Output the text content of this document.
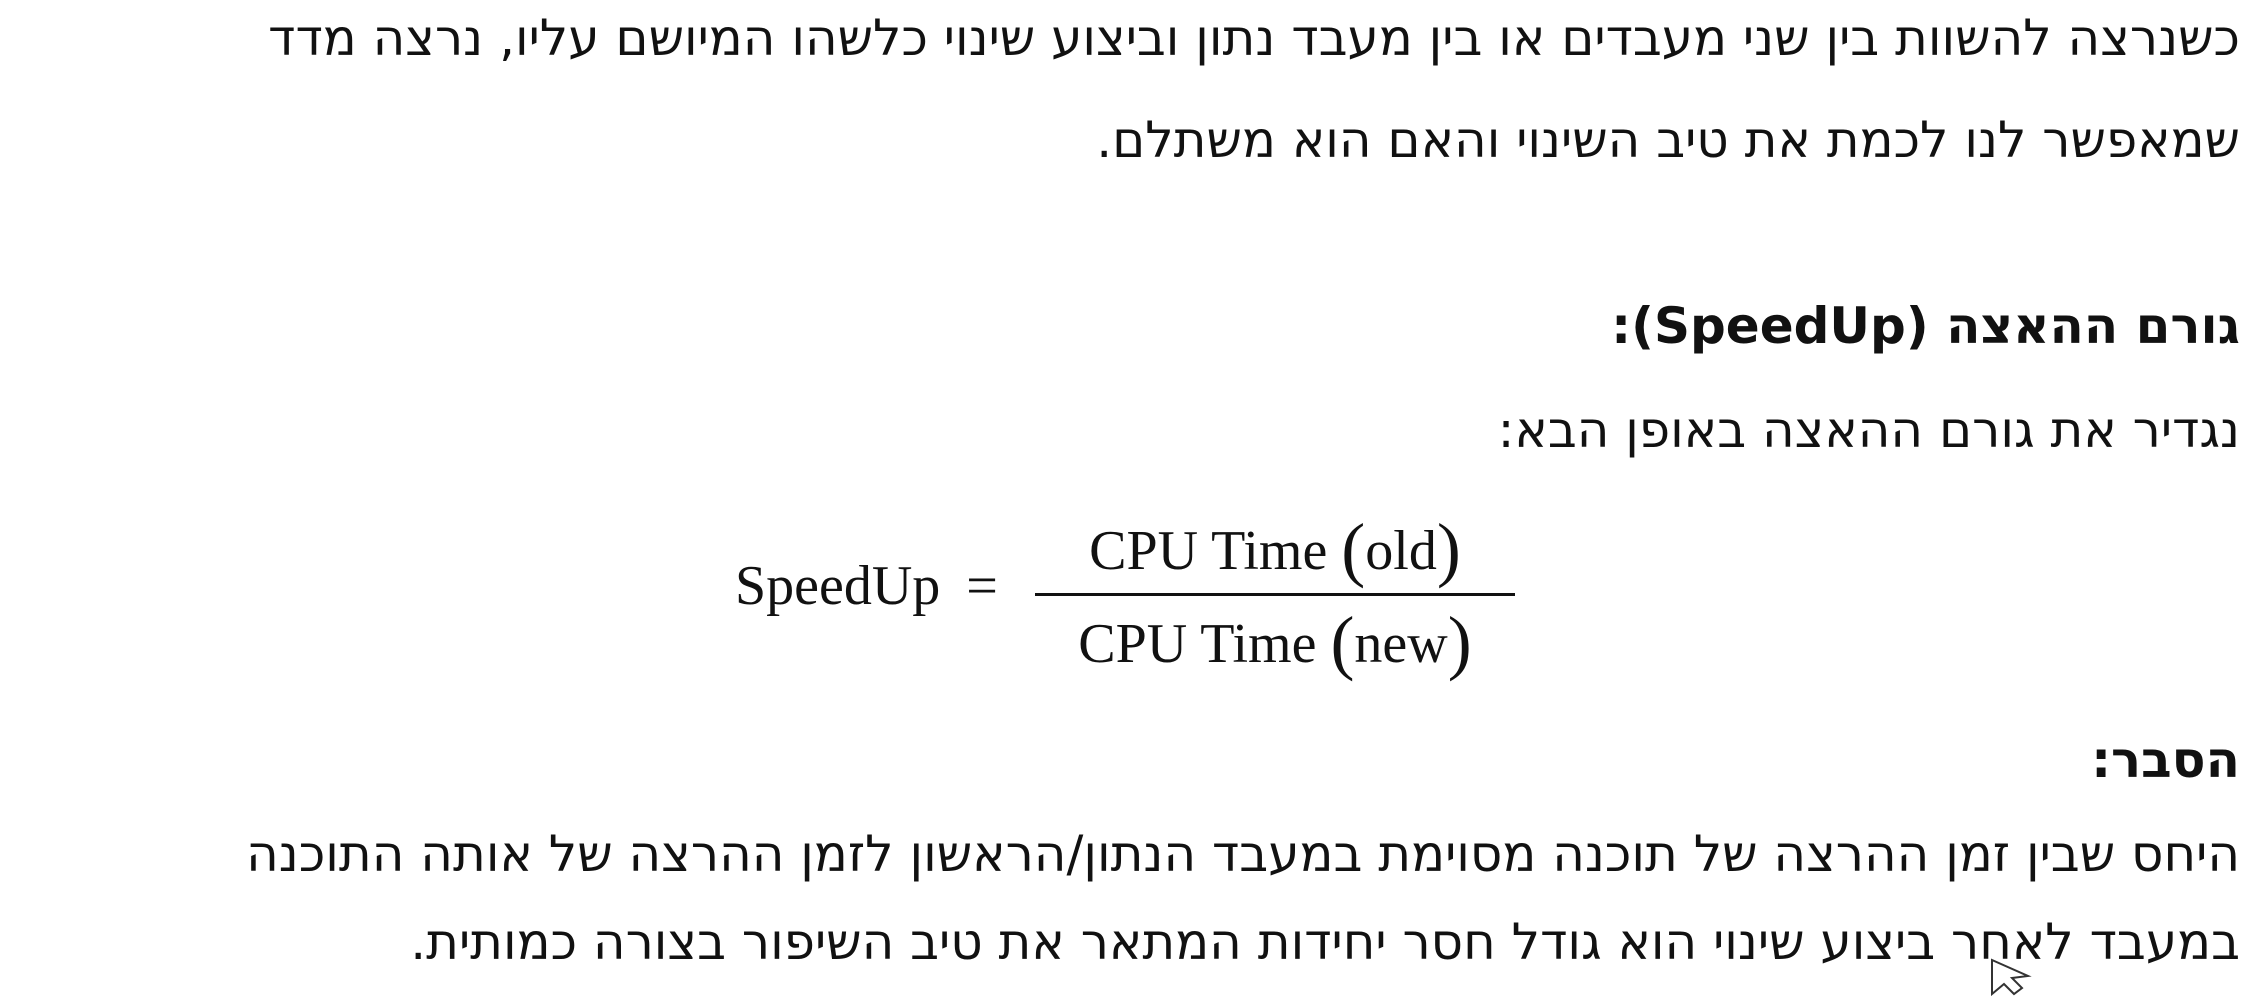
כשנרצה להשוות בין שני מעבדים או בין מעבד נתון וביצוע שינוי כלשהו המיושם עליו, נרצה מדד
שמאפשר לנו לכמת את טיב השינוי והאם הוא משתלם.
גורם ההאצה (SpeedUp):
נגדיר את גורם ההאצה באופן הבא:
SpeedUp =
CPU Time (old)
CPU Time (new)
הסבר:
היחס שבין זמן ההרצה של תוכנה מסוימת במעבד הנתון/הראשון לזמן ההרצה של אותה התוכנה
במעבד לאחר ביצוע שינוי הוא גודל חסר יחידות המתאר את טיב השיפור בצורה כמותית.
